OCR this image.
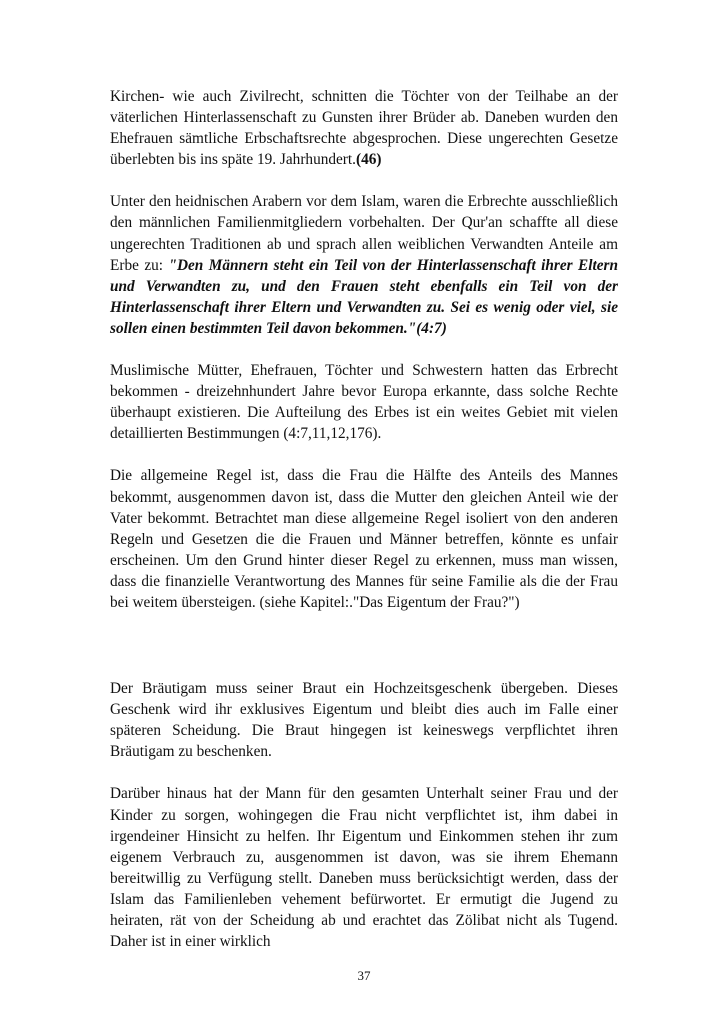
Kirchen- wie auch Zivilrecht, schnitten die Töchter von der Teilhabe an der väterlichen Hinterlassenschaft zu Gunsten ihrer Brüder ab. Daneben wurden den Ehefrauen sämtliche Erbschaftsrechte abgesprochen. Diese ungerechten Gesetze überlebten bis ins späte 19. Jahrhundert.(46)

Unter den heidnischen Arabern vor dem Islam, waren die Erbrechte ausschließlich den männlichen Familienmitgliedern vorbehalten. Der Qur'an schaffte all diese ungerechten Traditionen ab und sprach allen weiblichen Verwandten Anteile am Erbe zu: "Den Männern steht ein Teil von der Hinterlassenschaft ihrer Eltern und Verwandten zu, und den Frauen steht ebenfalls ein Teil von der Hinterlassenschaft ihrer Eltern und Verwandten zu. Sei es wenig oder viel, sie sollen einen bestimmten Teil davon bekommen."(4:7)

Muslimische Mütter, Ehefrauen, Töchter und Schwestern hatten das Erbrecht bekommen - dreizehnhundert Jahre bevor Europa erkannte, dass solche Rechte überhaupt existieren. Die Aufteilung des Erbes ist ein weites Gebiet mit vielen detaillierten Bestimmungen (4:7,11,12,176).

Die allgemeine Regel ist, dass die Frau die Hälfte des Anteils des Mannes bekommt, ausgenommen davon ist, dass die Mutter den gleichen Anteil wie der Vater bekommt. Betrachtet man diese allgemeine Regel isoliert von den anderen Regeln und Gesetzen die die Frauen und Männer betreffen, könnte es unfair erscheinen. Um den Grund hinter dieser Regel zu erkennen, muss man wissen, dass die finanzielle Verantwortung des Mannes für seine Familie als die der Frau bei weitem übersteigen. (siehe Kapitel:."Das Eigentum der Frau?")

Der Bräutigam muss seiner Braut ein Hochzeitsgeschenk übergeben. Dieses Geschenk wird ihr exklusives Eigentum und bleibt dies auch im Falle einer späteren Scheidung. Die Braut hingegen ist keineswegs verpflichtet ihren Bräutigam zu beschenken.

Darüber hinaus hat der Mann für den gesamten Unterhalt seiner Frau und der Kinder zu sorgen, wohingegen die Frau nicht verpflichtet ist, ihm dabei in irgendeiner Hinsicht zu helfen. Ihr Eigentum und Einkommen stehen ihr zum eigenem Verbrauch zu, ausgenommen ist davon, was sie ihrem Ehemann bereitwillig zu Verfügung stellt. Daneben muss berücksichtigt werden, dass der Islam das Familienleben vehement befürwortet. Er ermutigt die Jugend zu heiraten, rät von der Scheidung ab und erachtet das Zölibat nicht als Tugend. Daher ist in einer wirklich

37
